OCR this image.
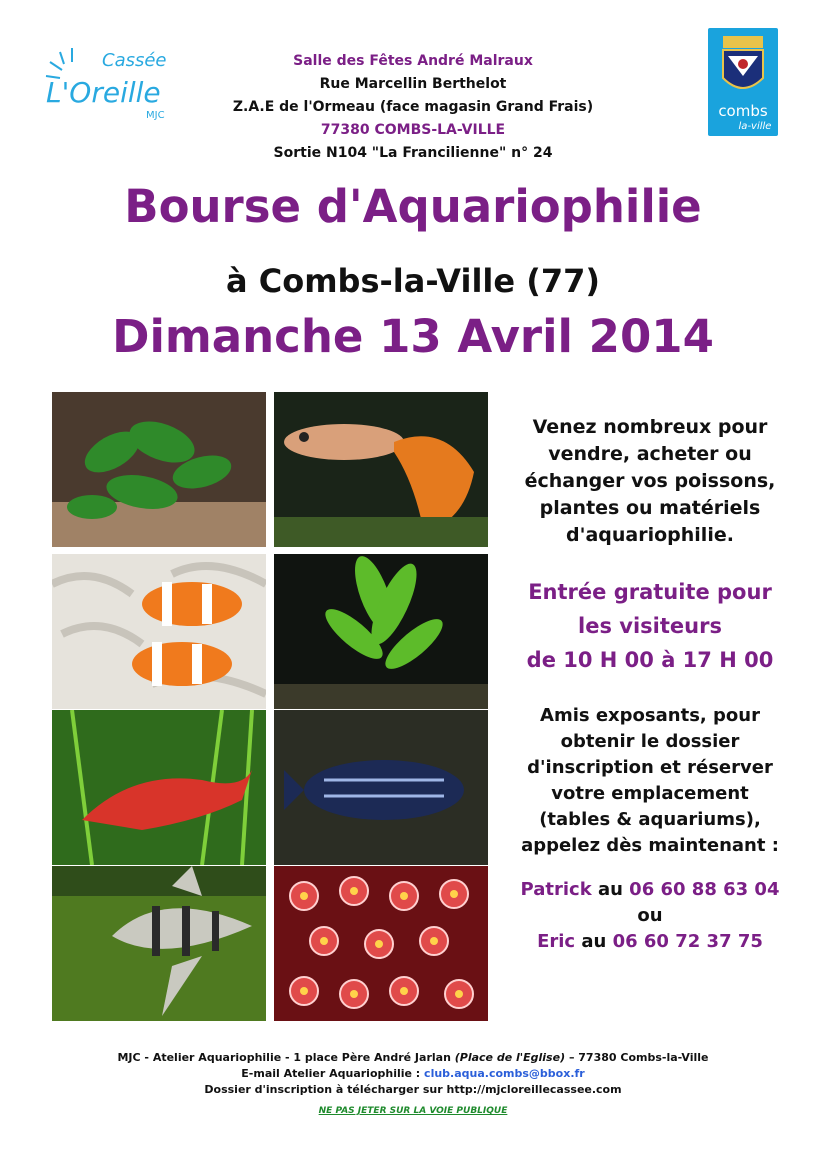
Cassée
L'Oreille
MJC	combs
la-ville
Salle des Fêtes André Malraux
Rue Marcellin Berthelot
Z.A.E de l'Ormeau (face magasin Grand Frais)
77380 COMBS-LA-VILLE
Sortie N104 "La Francilienne" n° 24
Bourse d'Aquariophilie
à Combs-la-Ville (77)
Dimanche 13 Avril 2014
Venez nombreux pour
vendre, acheter ou
échanger vos poissons,
plantes ou matériels
d'aquariophilie.
Entrée gratuite pour
les visiteurs
de 10 H 00 à 17 H 00
Amis exposants, pour
obtenir le dossier
d'inscription et réserver
votre emplacement
(tables & aquariums),
appelez dès maintenant :
Patrick au 06 60 88 63 04
ou
Eric au 06 60 72 37 75
MJC - Atelier Aquariophilie - 1 place Père André Jarlan (Place de l'Eglise) – 77380 Combs-la-Ville
E-mail Atelier Aquariophilie : club.aqua.combs@bbox.fr
Dossier d'inscription à télécharger sur http://mjcloreillecassee.com
NE PAS JETER SUR LA VOIE PUBLIQUE
